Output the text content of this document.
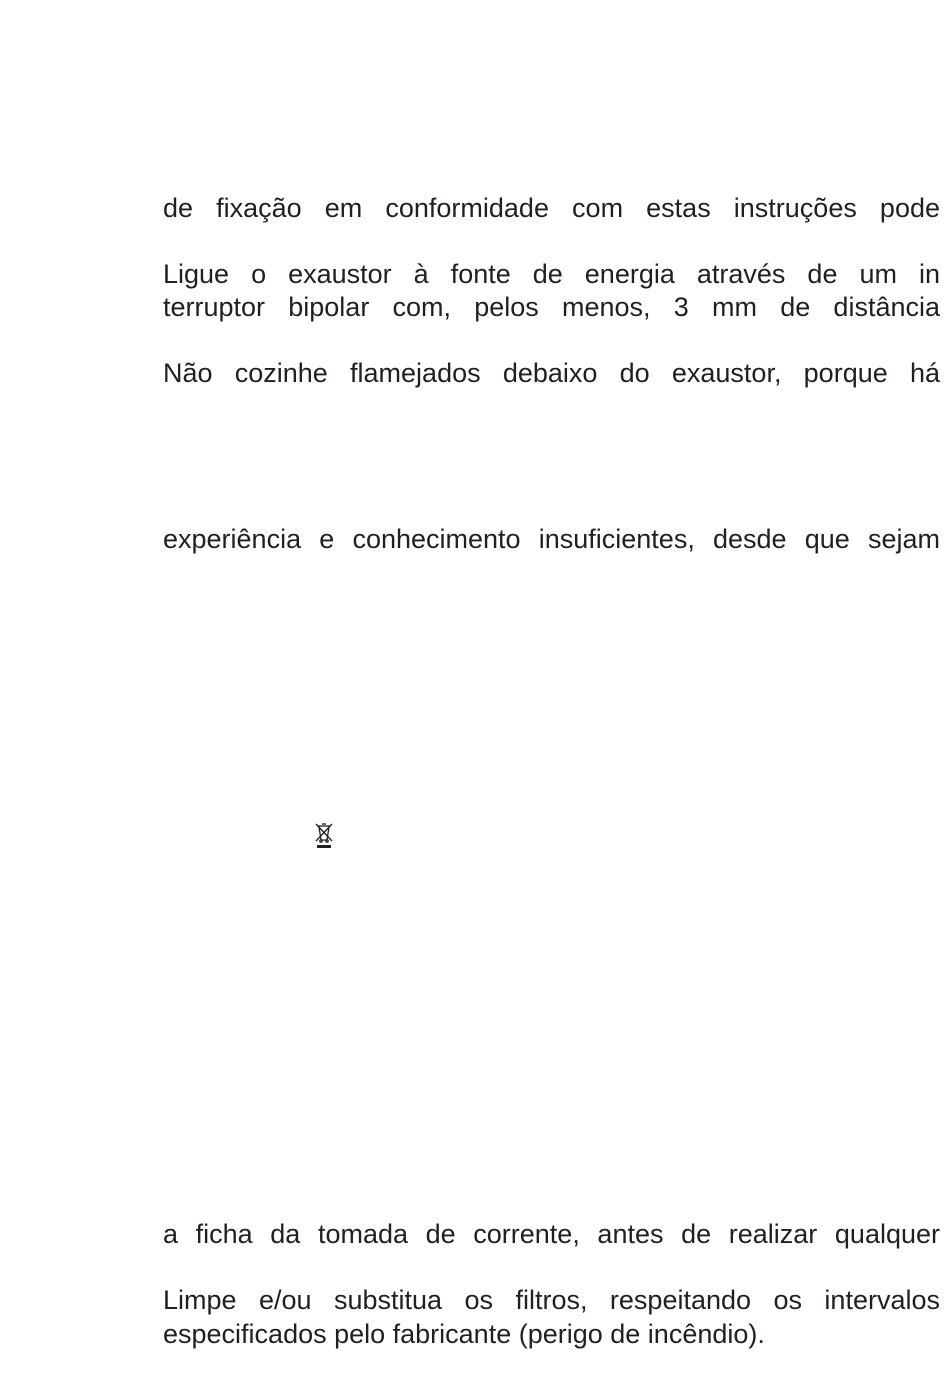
de fixação em conformidade com estas instruções pode
Ligue o exaustor à fonte de energia através de um in
terruptor bipolar com, pelos menos, 3 mm de distância
Não cozinhe flamejados debaixo do exaustor, porque há
experiência e conhecimento insuficientes, desde que sejam
a ficha da tomada de corrente, antes de realizar qualquer
Limpe e/ou substitua os filtros, respeitando os intervalos
especificados pelo fabricante (perigo de incêndio).
